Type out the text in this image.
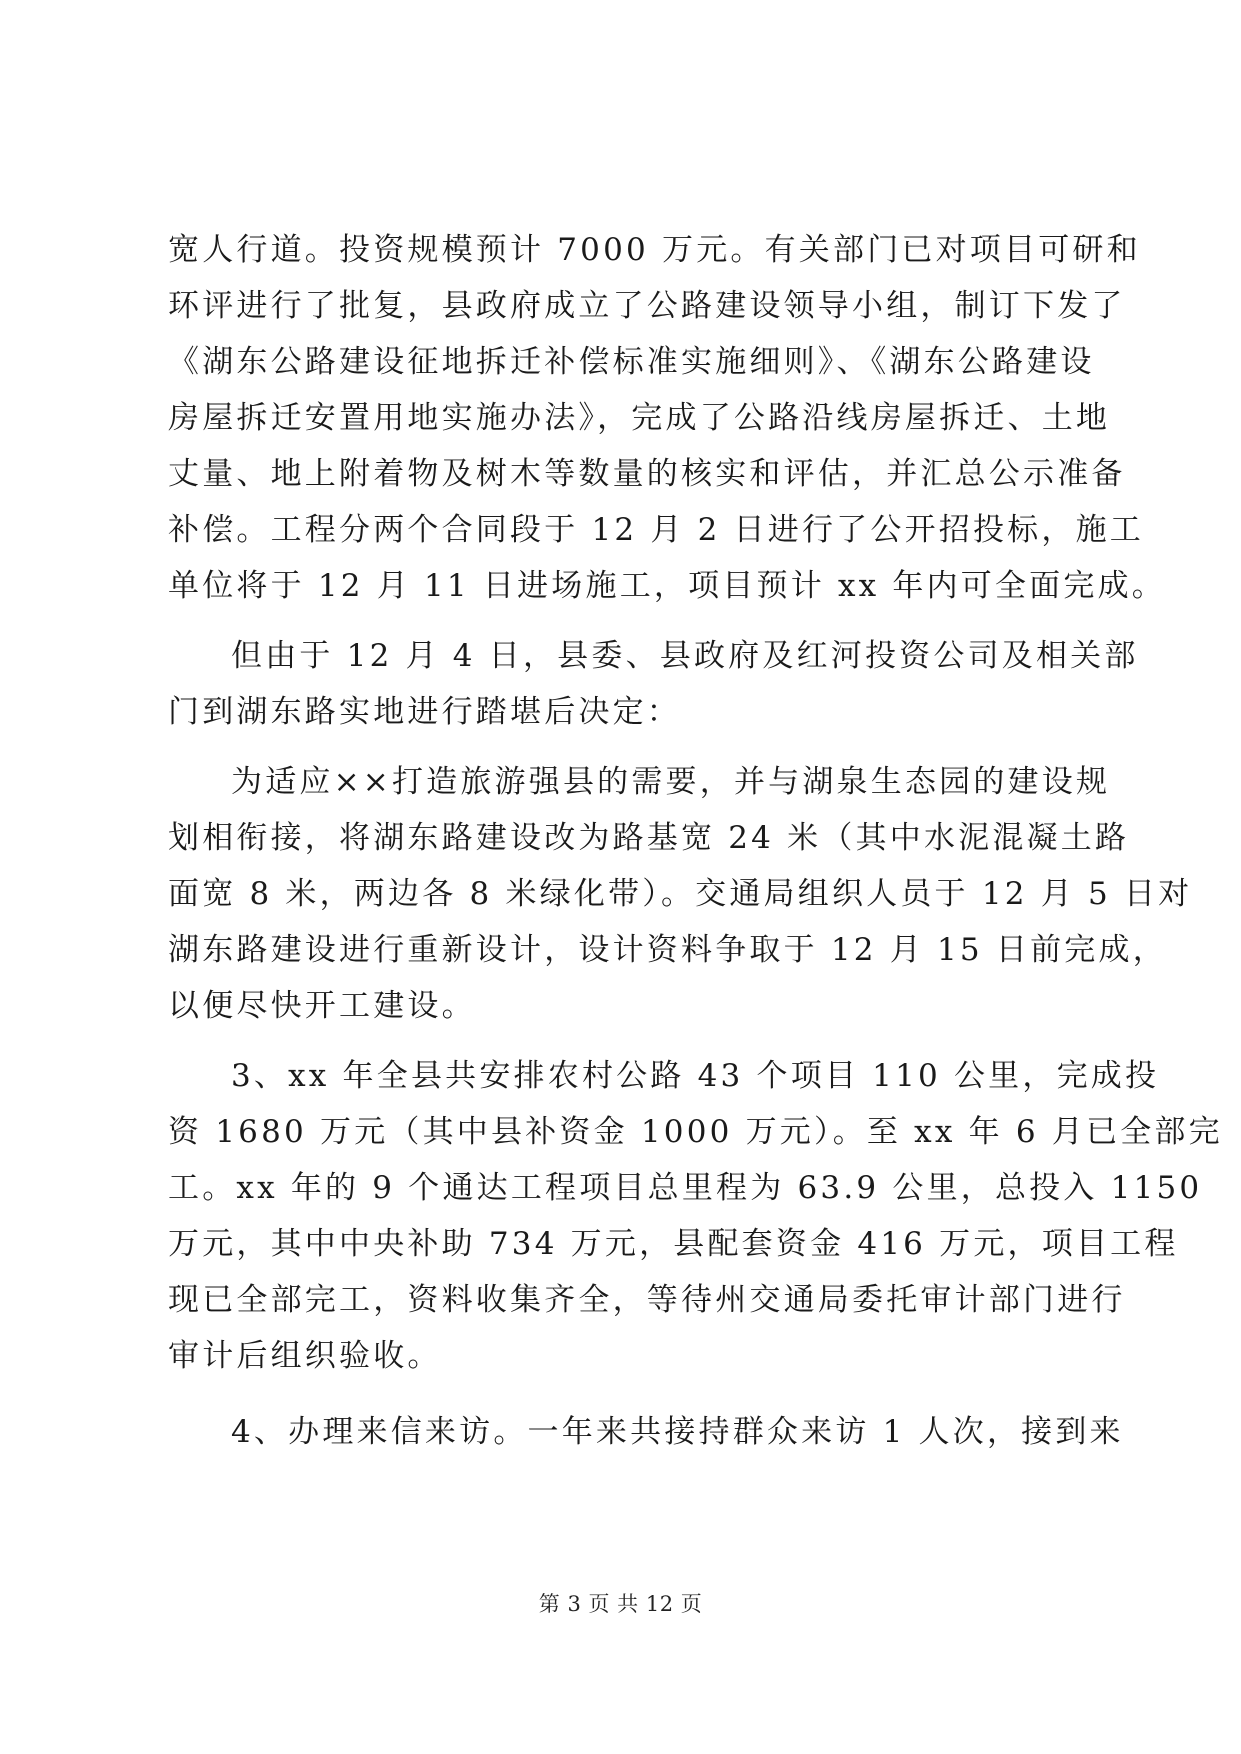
宽人行道。投资规模预计 7000 万元。有关部门已对项目可研和
环评进行了批复，县政府成立了公路建设领导小组，制订下发了
《湖东公路建设征地拆迁补偿标准实施细则》、《湖东公路建设
房屋拆迁安置用地实施办法》，完成了公路沿线房屋拆迁、土地
丈量、地上附着物及树木等数量的核实和评估，并汇总公示准备
补偿。工程分两个合同段于 12 月 2 日进行了公开招投标，施工
单位将于 12 月 11 日进场施工，项目预计 xx 年内可全面完成。
但由于 12 月 4 日，县委、县政府及红河投资公司及相关部
门到湖东路实地进行踏堪后决定：
为适应××打造旅游强县的需要，并与湖泉生态园的建设规
划相衔接，将湖东路建设改为路基宽 24 米（其中水泥混凝土路
面宽 8 米，两边各 8 米绿化带）。交通局组织人员于 12 月 5 日对
湖东路建设进行重新设计，设计资料争取于 12 月 15 日前完成，
以便尽快开工建设。
3、xx 年全县共安排农村公路 43 个项目 110 公里，完成投
资 1680 万元（其中县补资金 1000 万元）。至 xx 年 6 月已全部完
工。xx 年的 9 个通达工程项目总里程为 63.9 公里，总投入 1150
万元，其中中央补助 734 万元，县配套资金 416 万元，项目工程
现已全部完工，资料收集齐全，等待州交通局委托审计部门进行
审计后组织验收。
4、办理来信来访。一年来共接持群众来访 1 人次，接到来
第 3 页 共 12 页
